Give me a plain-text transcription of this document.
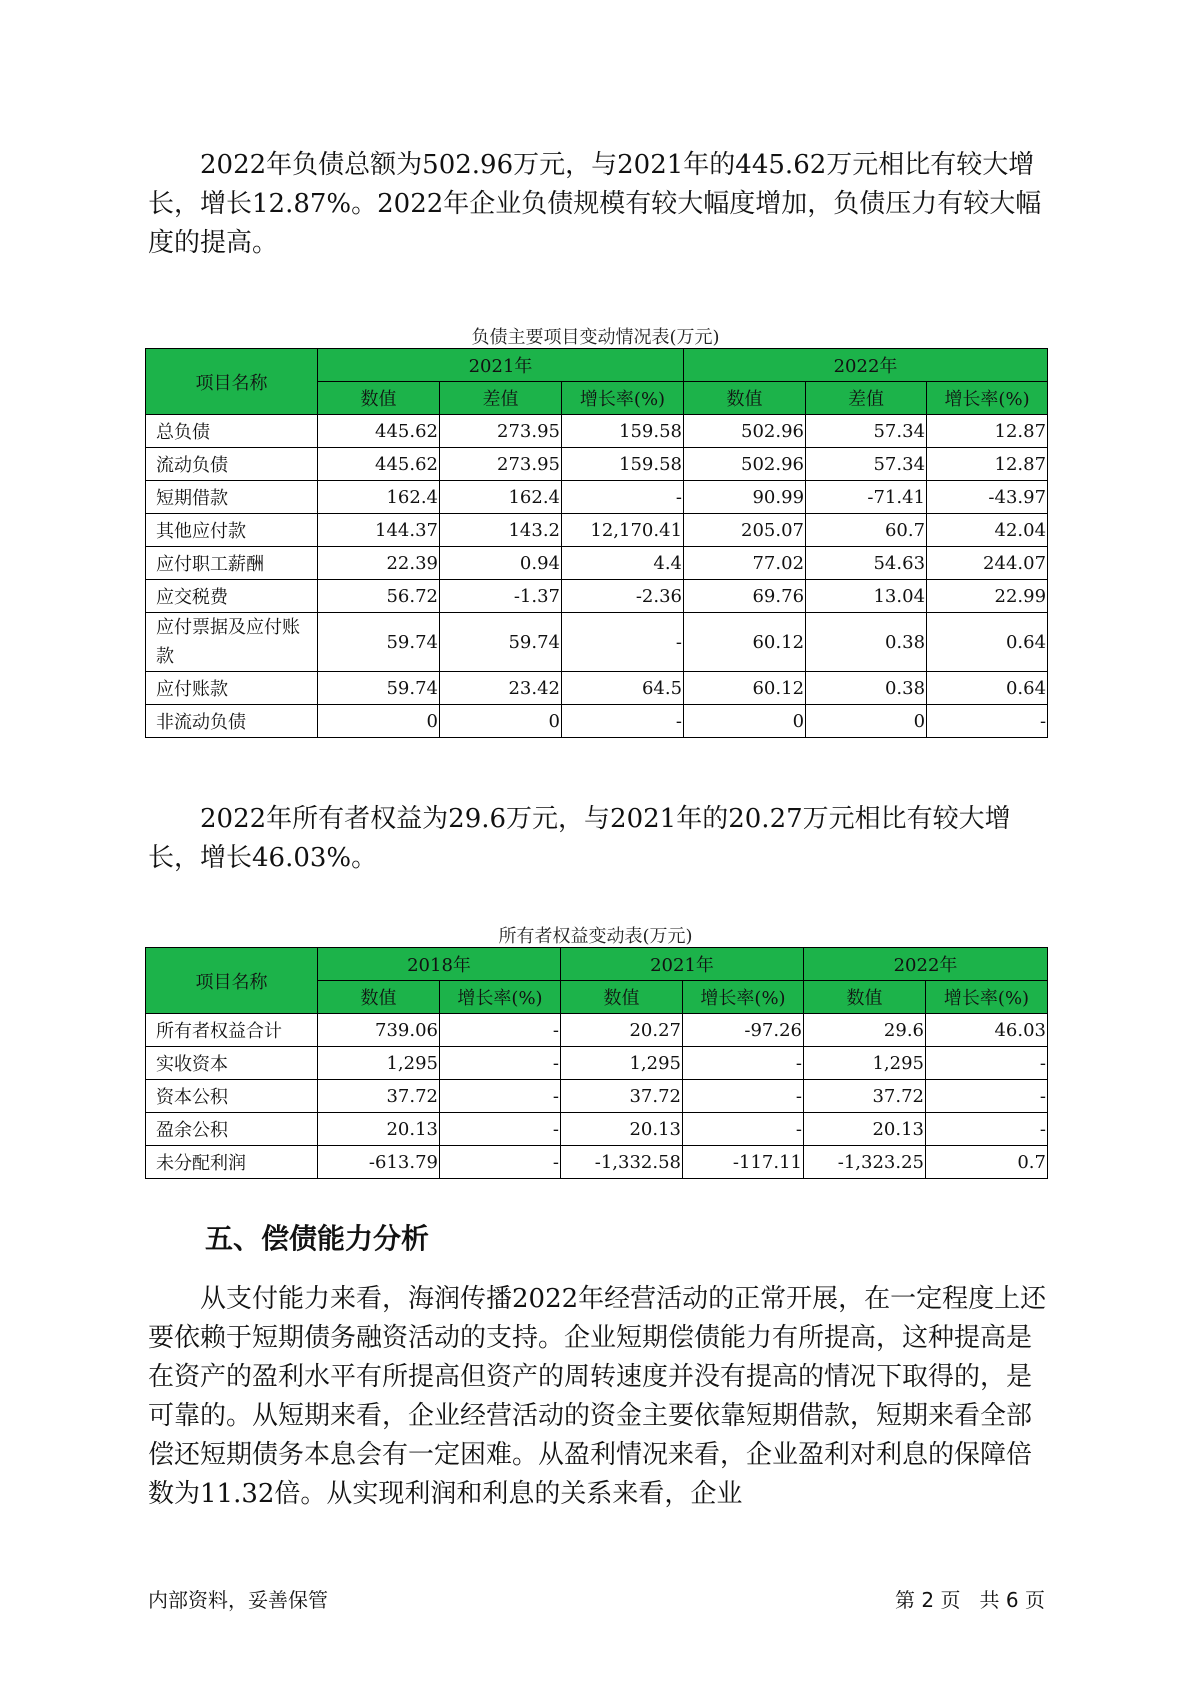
2022年负债总额为502.96万元，与2021年的445.62万元相比有较大增长，增长12.87%。2022年企业负债规模有较大幅度增加，负债压力有较大幅度的提高。

负债主要项目变动情况表(万元)
项目名称	2021年			2022年		
	数值	差值	增长率(%)	数值	差值	增长率(%)
总负债	445.62	273.95	159.58	502.96	57.34	12.87
流动负债	445.62	273.95	159.58	502.96	57.34	12.87
短期借款	162.4	162.4	-	90.99	-71.41	-43.97
其他应付款	144.37	143.2	12,170.41	205.07	60.7	42.04
应付职工薪酬	22.39	0.94	4.4	77.02	54.63	244.07
应交税费	56.72	-1.37	-2.36	69.76	13.04	22.99
应付票据及应付账款	59.74	59.74	-	60.12	0.38	0.64
应付账款	59.74	23.42	64.5	60.12	0.38	0.64
非流动负债	0	0	-	0	0	-

2022年所有者权益为29.6万元，与2021年的20.27万元相比有较大增长，增长46.03%。

所有者权益变动表(万元)
项目名称	2018年		2021年		2022年	
	数值	增长率(%)	数值	增长率(%)	数值	增长率(%)
所有者权益合计	739.06	-	20.27	-97.26	29.6	46.03
实收资本	1,295	-	1,295	-	1,295	-
资本公积	37.72	-	37.72	-	37.72	-
盈余公积	20.13	-	20.13	-	20.13	-
未分配利润	-613.79	-	-1,332.58	-117.11	-1,323.25	0.7
五、偿债能力分析

从支付能力来看，海润传播2022年经营活动的正常开展，在一定程度上还要依赖于短期债务融资活动的支持。企业短期偿债能力有所提高，这种提高是在资产的盈利水平有所提高但资产的周转速度并没有提高的情况下取得的，是可靠的。从短期来看，企业经营活动的资金主要依靠短期借款，短期来看全部偿还短期债务本息会有一定困难。从盈利情况来看，企业盈利对利息的保障倍数为11.32倍。从实现利润和利息的关系来看，企业

内部资料，妥善保管	第 2 页   共 6 页
